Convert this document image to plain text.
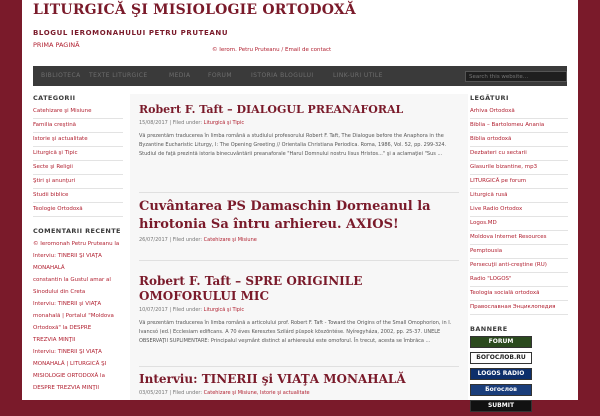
LITURGICĂ ŞI MISIOLOGIE ORTODOXĂ
BLOGUL IEROMONAHULUI PETRU PRUTEANU
PRIMA PAGINĂ
© Ierom. Petru Pruteanu / Email de contact
BIBLIOTECA TEXTE LITURGICE	MEDIA	FORUM	ISTORIA BLOGULUI	LINK-URI UTILE
Search this website…
CATEGORII
Catehizare şi Misiune
Familia creştină
Istorie şi actualitate
Liturgică şi Tipic
Secte şi Religii
Ştiri şi anunţuri
Studii biblice
Teologie Ortodoxă
COMENTARII RECENTE
© Ieromonah Petru Pruteanu la
Interviu: TINERII ŞI VIAŢA
MONAHALĂ
constantin la Gustul amar al
Sinodului din Creta
Interviu: TINERII şi VIAŢA
monahală | Portalul "Moldova
Ortodoxă" la DESPRE
TREZVIA MINŢII
Interviu: TINERII ŞI VIAŢA
MONAHALĂ | LITURGICĂ ŞI
MISIOLOGIE ORTODOXĂ la
DESPRE TREZVIA MINŢII
Robert F. Taft – DIALOGUL PREANAFORAL
15/08/2017 | Filed under: Liturgică şi Tipic
Vă prezentăm traducerea în limba română a studiului profesorului Robert F. Taft, The Dialogue before the Anaphora in the Byzantine Eucharistic Liturgy, I: The Opening Greeting // Orientalia Christiana Periodica. Roma, 1986, Vol. 52, pp. 299-324. Studiul de faţă prezintă istoria binecuvântării preanaforale "Harul Domnului nostru Iisus Hristos..." şi a aclamaţiei "Sus ...
Cuvântarea PS Damaschin Dorneanul la hirotonia Sa întru arhiereu. AXIOS!
26/07/2017 | Filed under: Catehizare şi Misiune
Robert F. Taft – SPRE ORIGINILE OMOFORULUI MIC
10/07/2017 | Filed under: Liturgică şi Tipic
Vă prezentăm traducerea în limba română a articolului prof. Robert F. Taft - Toward the Origins of the Small Omophorion, in I. Ivancsó (ed.) Ecclesiam edificans. A 70 éves Keresztes Szilárd püspok köszöntése. Nyíregyháza, 2002, pp. 25-37. UNELE OBSERVAŢII SUPLIMENTARE: Principalul veşmânt distinct al arhiereului este omoforul. În trecut, acesta se îmbrăca ...
Interviu: TINERII şi VIAŢA MONAHALĂ
03/05/2017 | Filed under: Catehizare şi Misiune, Istorie şi actualitate
LEGĂTURI
Arhiva Ortodoxă
Biblia – Bartolomeu Anania
Biblia ortodoxă
Dezbateri cu sectarii
Glasurile bizantine, mp3
LITURGICĂ pe forum
Liturgică rusă
Live Radio Ortodox
Logos.MD
Moldova Internet Resources
Pemptousia
Persecuţii anti-creştine (RU)
Radio "LOGOS"
Teologia socială ortodoxă
Православная Энциклопедия
BANNERE
FORUM
БОГОСЛОВ.RU
LOGOS RADIO
Богослов
SUBMIT
